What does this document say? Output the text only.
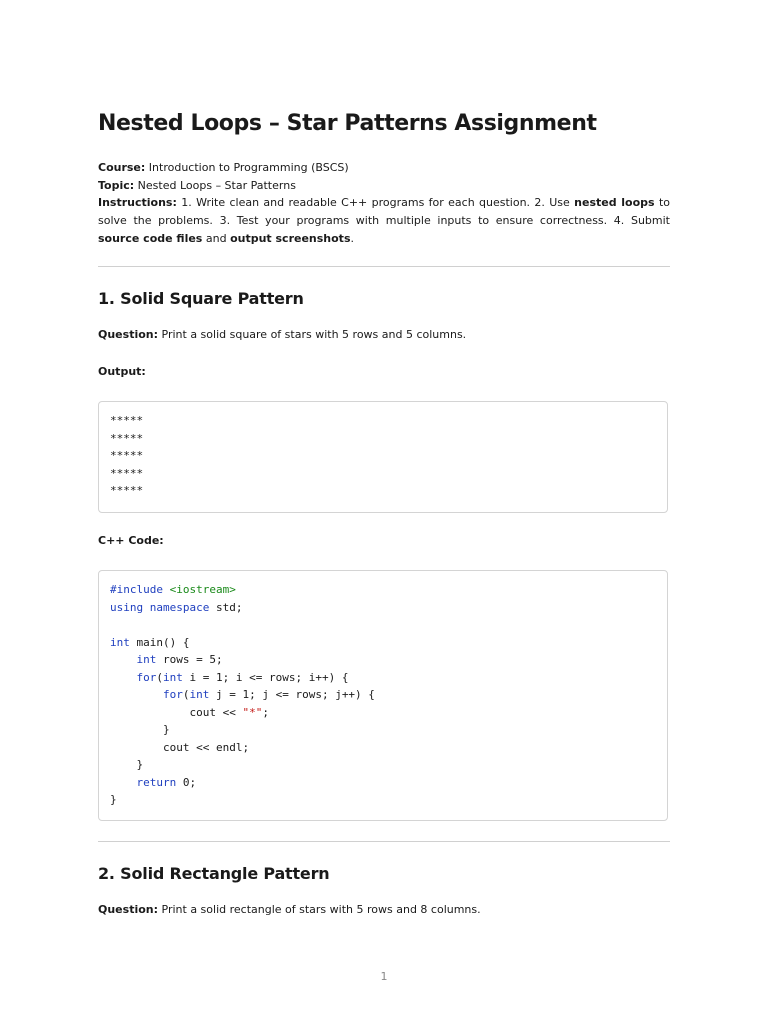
Nested Loops – Star Patterns Assignment

Course: Introduction to Programming (BSCS)

Topic: Nested Loops – Star Patterns

Instructions: 1. Write clean and readable C++ programs for each question. 2. Use nested loops to solve the problems. 3. Test your programs with multiple inputs to ensure correctness. 4. Submit source code files and output screenshots.

1. Solid Square Pattern

Question: Print a solid square of stars with 5 rows and 5 columns.

Output:

*****
*****
*****
*****
*****

C++ Code:

#include <iostream>
using namespace std;

int main() {
int rows = 5;
for(int i = 1; i <= rows; i++) {
for(int j = 1; j <= rows; j++) {
cout << "*";
}
cout << endl;
}
return 0;
}
2. Solid Rectangle Pattern

Question: Print a solid rectangle of stars with 5 rows and 8 columns.

1
